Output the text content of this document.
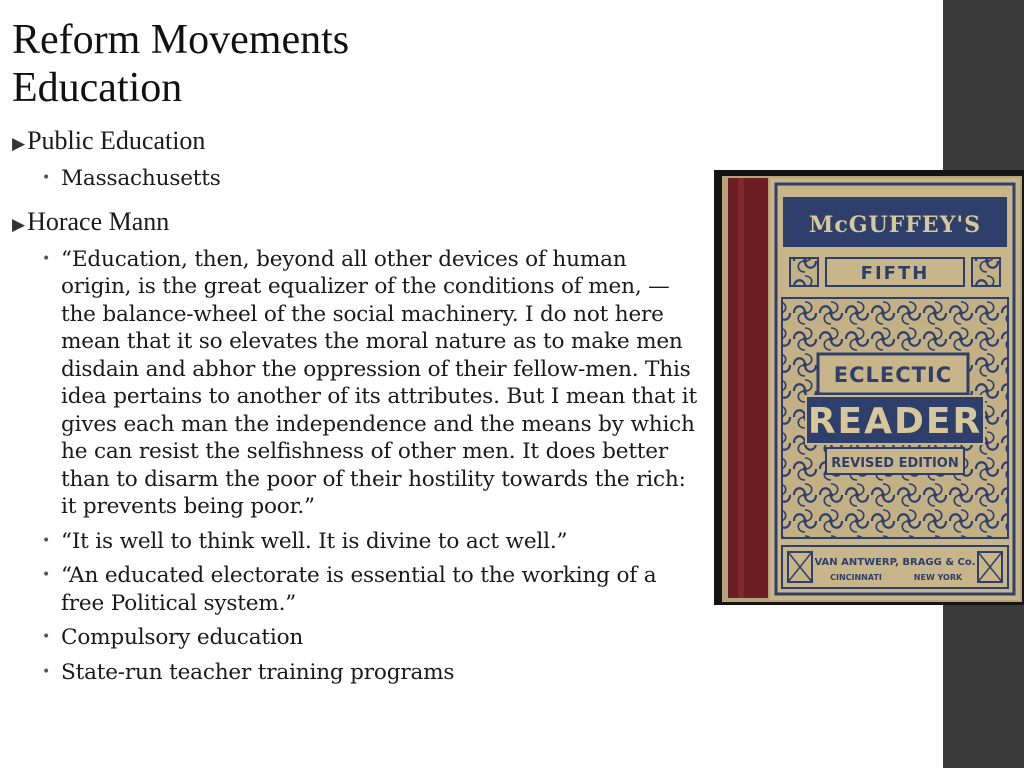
Reform Movements
Education
▶ Public Education
• Massachusetts
▶ Horace Mann
• “Education, then, beyond all other devices of human origin, is the great equalizer of the conditions of men, — the balance-wheel of the social machinery. I do not here mean that it so elevates the moral nature as to make men disdain and abhor the oppression of their fellow-men. This idea pertains to another of its attributes. But I mean that it gives each man the independence and the means by which he can resist the selfishness of other men. It does better than to disarm the poor of their hostility towards the rich: it prevents being poor.”
• “It is well to think well. It is divine to act well.”
• “An educated electorate is essential to the working of a free Political system.”
• Compulsory education
• State-run teacher training programs
McGUFFEY'S
FIFTH
ECLECTIC
READER
REVISED EDITION
VAN ANTWERP, BRAGG & Co.
CINCINNATI	NEW YORK
